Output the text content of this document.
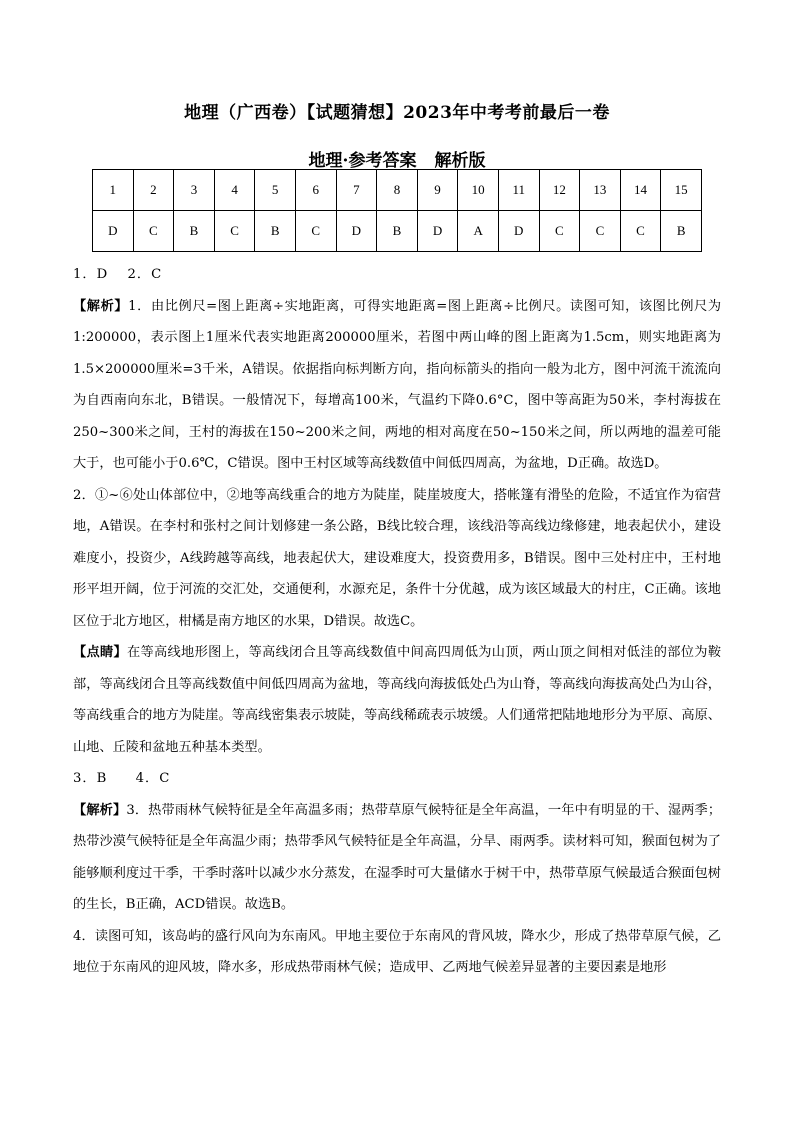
地理（广西卷）【试题猜想】2023年中考考前最后一卷
地理·参考答案 解析版
1	2	3	4	5	6	7	8	9	10	11	12	13	14	15
D	C	B	C	B	C	D	B	D	A	D	C	C	C	B

1．D　 2．C

【解析】1．由比例尺=图上距离÷实地距离，可得实地距离=图上距离÷比例尺。读图可知，该图比例尺为1:200000，表示图上1厘米代表实地距离200000厘米，若图中两山峰的图上距离为1.5cm，则实地距离为1.5×200000厘米=3千米，A错误。依据指向标判断方向，指向标箭头的指向一般为北方，图中河流干流流向为自西南向东北，B错误。一般情况下，每增高100米，气温约下降0.6°C，图中等高距为50米，李村海拔在250~300米之间，王村的海拔在150~200米之间，两地的相对高度在50~150米之间，所以两地的温差可能大于，也可能小于0.6℃，C错误。图中王村区域等高线数值中间低四周高，为盆地，D正确。故选D。

2．①~⑥处山体部位中，②地等高线重合的地方为陡崖，陡崖坡度大，搭帐篷有滑坠的危险，不适宜作为宿营地，A错误。在李村和张村之间计划修建一条公路，B线比较合理，该线沿等高线边缘修建，地表起伏小，建设难度小，投资少，A线跨越等高线，地表起伏大，建设难度大，投资费用多，B错误。图中三处村庄中，王村地形平坦开阔，位于河流的交汇处，交通便利，水源充足，条件十分优越，成为该区域最大的村庄，C正确。该地区位于北方地区，柑橘是南方地区的水果，D错误。故选C。

【点睛】在等高线地形图上，等高线闭合且等高线数值中间高四周低为山顶，两山顶之间相对低洼的部位为鞍部，等高线闭合且等高线数值中间低四周高为盆地，等高线向海拔低处凸为山脊，等高线向海拔高处凸为山谷，等高线重合的地方为陡崖。等高线密集表示坡陡，等高线稀疏表示坡缓。人们通常把陆地地形分为平原、高原、山地、丘陵和盆地五种基本类型。

3．B　　4．C

【解析】3．热带雨林气候特征是全年高温多雨；热带草原气候特征是全年高温，一年中有明显的干、湿两季；热带沙漠气候特征是全年高温少雨；热带季风气候特征是全年高温，分旱、雨两季。读材料可知，猴面包树为了能够顺利度过干季，干季时落叶以减少水分蒸发，在湿季时可大量储水于树干中，热带草原气候最适合猴面包树的生长，B正确，ACD错误。故选B。

4．读图可知，该岛屿的盛行风向为东南风。甲地主要位于东南风的背风坡，降水少，形成了热带草原气候，乙地位于东南风的迎风坡，降水多，形成热带雨林气候；造成甲、乙两地气候差异显著的主要因素是地形
